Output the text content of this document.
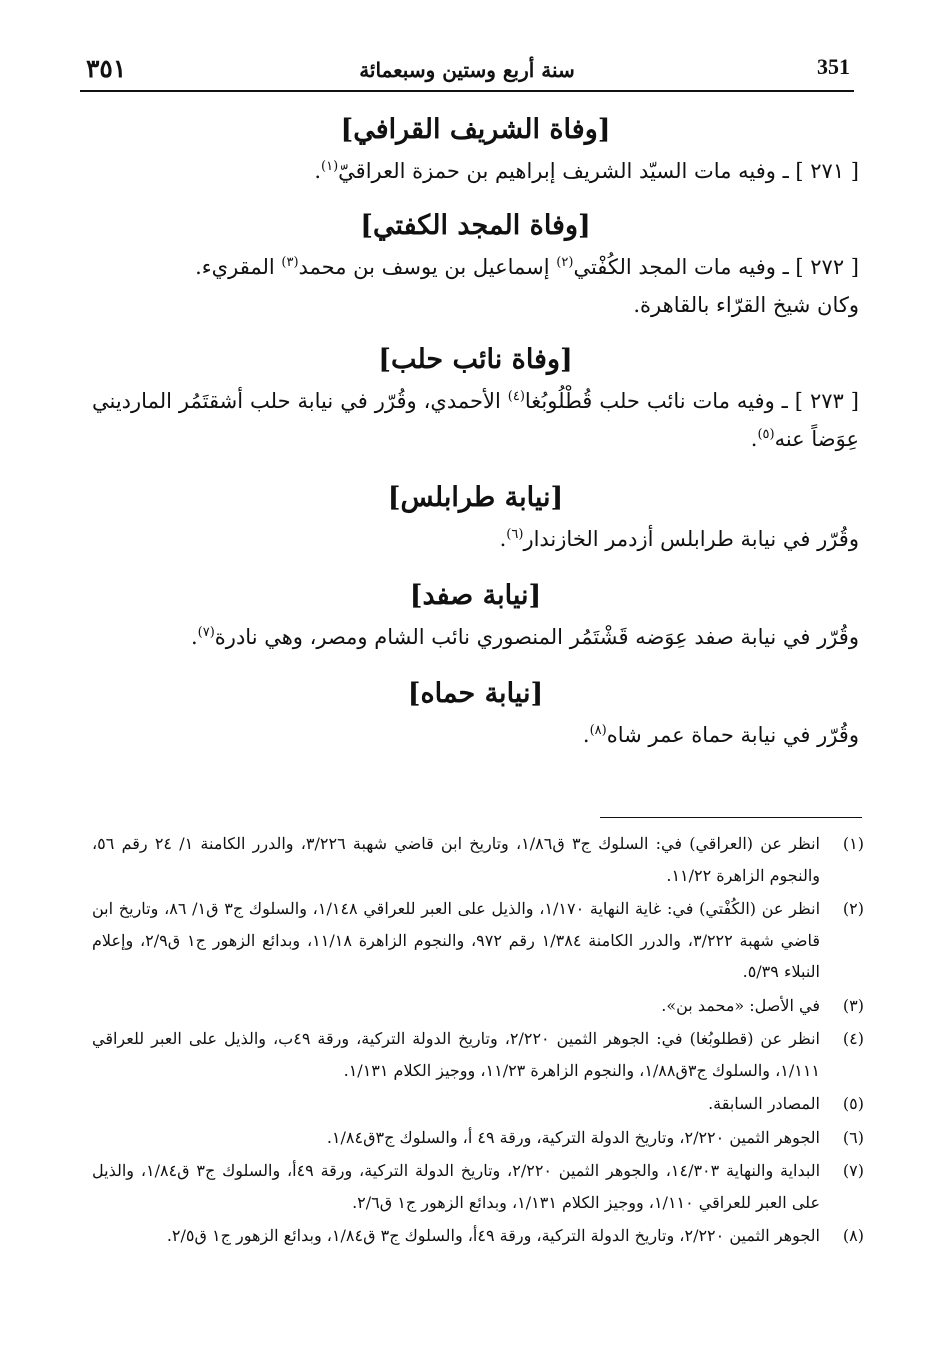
٣٥١	سنة أربع وستين وسبعمائة	351
[وفاة الشريف القرافي]

[ ٢٧١ ] ـ وفيه مات السيّد الشريف إبراهيم بن حمزة العراقيّ$^{(١)}$.

[وفاة المجد الكفتي]

[ ٢٧٢ ] ـ وفيه مات المجد الكُفْتي$^{(٢)}$ إسماعيل بن يوسف بن محمد$^{(٣)}$ المقريء.

وكان شيخ القرّاء بالقاهرة.

[وفاة نائب حلب]

[ ٢٧٣ ] ـ وفيه مات نائب حلب قُطْلُوبُغا$^{(٤)}$ الأحمدي، وقُرّر في نيابة حلب أشقتَمُر المارديني عِوَضاً عنه$^{(٥)}$.

[نيابة طرابلس]

وقُرّر في نيابة طرابلس أزدمر الخازندار$^{(٦)}$.

[نيابة صفد]

وقُرّر في نيابة صفد عِوَضه قَشْتَمُر المنصوري نائب الشام ومصر، وهي نادرة$^{(٧)}$.

[نيابة حماه]

وقُرّر في نيابة حماة عمر شاه$^{(٨)}$.

(١)
انظر عن (العراقي) في: السلوك ج٣ ق١/٨٦، وتاريخ ابن قاضي شهبة ٣/٢٢٦، والدرر الكامنة ١/ ٢٤ رقم ٥٦، والنجوم الزاهرة ١١/٢٢.

(٢)
انظر عن (الكُفْتي) في: غاية النهاية ١/١٧٠، والذيل على العبر للعراقي ١/١٤٨، والسلوك ج٣ ق١/ ٨٦، وتاريخ ابن قاضي شهبة ٣/٢٢٢، والدرر الكامنة ١/٣٨٤ رقم ٩٧٢، والنجوم الزاهرة ١١/١٨، وبدائع الزهور ج١ ق٢/٩، وإعلام النبلاء ٥/٣٩.

(٣)
في الأصل: «محمد بن».

(٤)
انظر عن (قطلوبُغا) في: الجوهر الثمين ٢/٢٢٠، وتاريخ الدولة التركية، ورقة ٤٩ب، والذيل على العبر للعراقي ١/١١١، والسلوك ج٣ق١/٨٨، والنجوم الزاهرة ١١/٢٣، ووجيز الكلام ١/١٣١.

(٥)
المصادر السابقة.

(٦)
الجوهر الثمين ٢/٢٢٠، وتاريخ الدولة التركية، ورقة ٤٩ أ، والسلوك ج٣ق١/٨٤.

(٧)
البداية والنهاية ١٤/٣٠٣، والجوهر الثمين ٢/٢٢٠، وتاريخ الدولة التركية، ورقة ٤٩أ، والسلوك ج٣ ق١/٨٤، والذيل على العبر للعراقي ١/١١٠، ووجيز الكلام ١/١٣١، وبدائع الزهور ج١ ق٢/٦.

(٨)
الجوهر الثمين ٢/٢٢٠، وتاريخ الدولة التركية، ورقة ٤٩أ، والسلوك ج٣ ق١/٨٤، وبدائع الزهور ج١ ق٢/٥.
